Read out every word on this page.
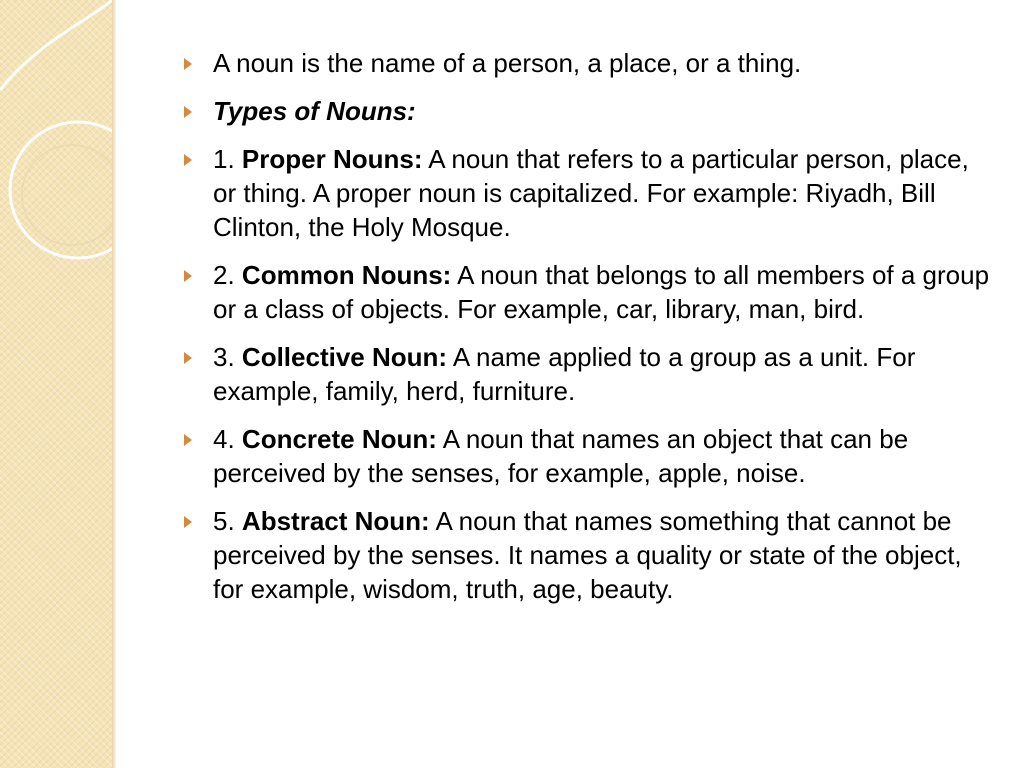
A noun is the name of a person, a place, or a thing.
Types of Nouns:
1. Proper Nouns: A noun that refers to a particular person, place, or thing. A proper noun is capitalized. For example: Riyadh, Bill Clinton, the Holy Mosque.
2. Common Nouns: A noun that belongs to all members of a group or a class of objects. For example, car, library, man, bird.
3. Collective Noun: A name applied to a group as a unit. For example, family, herd, furniture.
4. Concrete Noun: A noun that names an object that can be perceived by the senses, for example, apple, noise.
5. Abstract Noun: A noun that names something that cannot be perceived by the senses. It names a quality or state of the object, for example, wisdom, truth, age, beauty.
